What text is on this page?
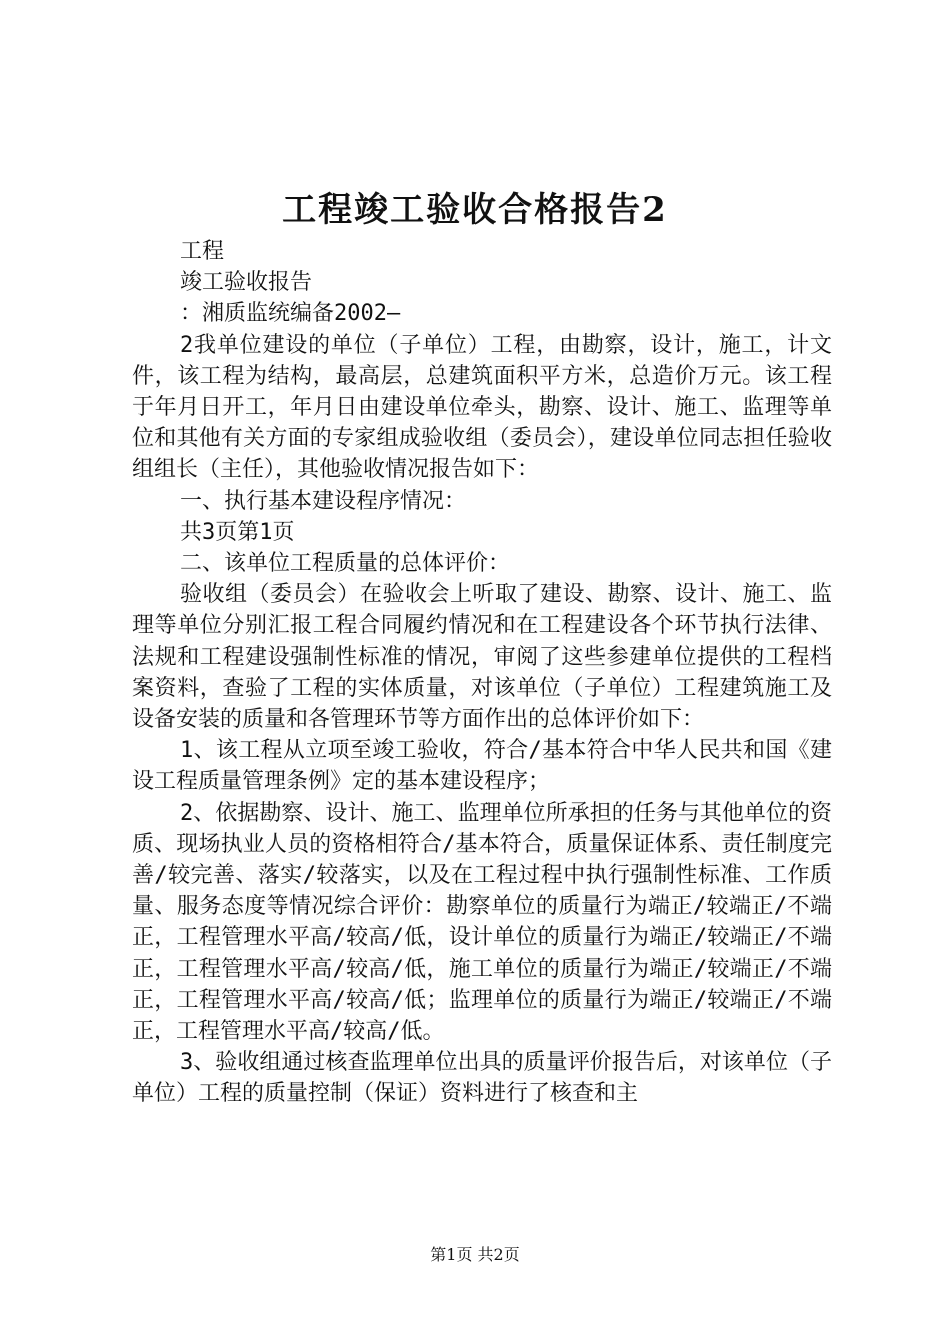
工程竣工验收合格报告2

工程

竣工验收报告

：湘质监统编备2002—

2我单位建设的单位（子单位）工程，由勘察，设计，施工，计文件，该工程为结构，最高层，总建筑面积平方米，总造价万元。该工程于年月日开工，年月日由建设单位牵头，勘察、设计、施工、监理等单位和其他有关方面的专家组成验收组（委员会），建设单位同志担任验收组组长（主任），其他验收情况报告如下：

一、执行基本建设程序情况：

共3页第1页

二、该单位工程质量的总体评价：

验收组（委员会）在验收会上听取了建设、勘察、设计、施工、监理等单位分别汇报工程合同履约情况和在工程建设各个环节执行法律、法规和工程建设强制性标准的情况，审阅了这些参建单位提供的工程档案资料，查验了工程的实体质量，对该单位（子单位）工程建筑施工及设备安装的质量和各管理环节等方面作出的总体评价如下：

1、该工程从立项至竣工验收，符合/基本符合中华人民共和国《建设工程质量管理条例》定的基本建设程序；

2、依据勘察、设计、施工、监理单位所承担的任务与其他单位的资质、现场执业人员的资格相符合/基本符合，质量保证体系、责任制度完善/较完善、落实/较落实，以及在工程过程中执行强制性标准、工作质量、服务态度等情况综合评价：勘察单位的质量行为端正/较端正/不端正，工程管理水平高/较高/低，设计单位的质量行为端正/较端正/不端正，工程管理水平高/较高/低，施工单位的质量行为端正/较端正/不端正，工程管理水平高/较高/低；监理单位的质量行为端正/较端正/不端正，工程管理水平高/较高/低。

3、验收组通过核查监理单位出具的质量评价报告后，对该单位（子单位）工程的质量控制（保证）资料进行了核查和主

第1页 共2页
